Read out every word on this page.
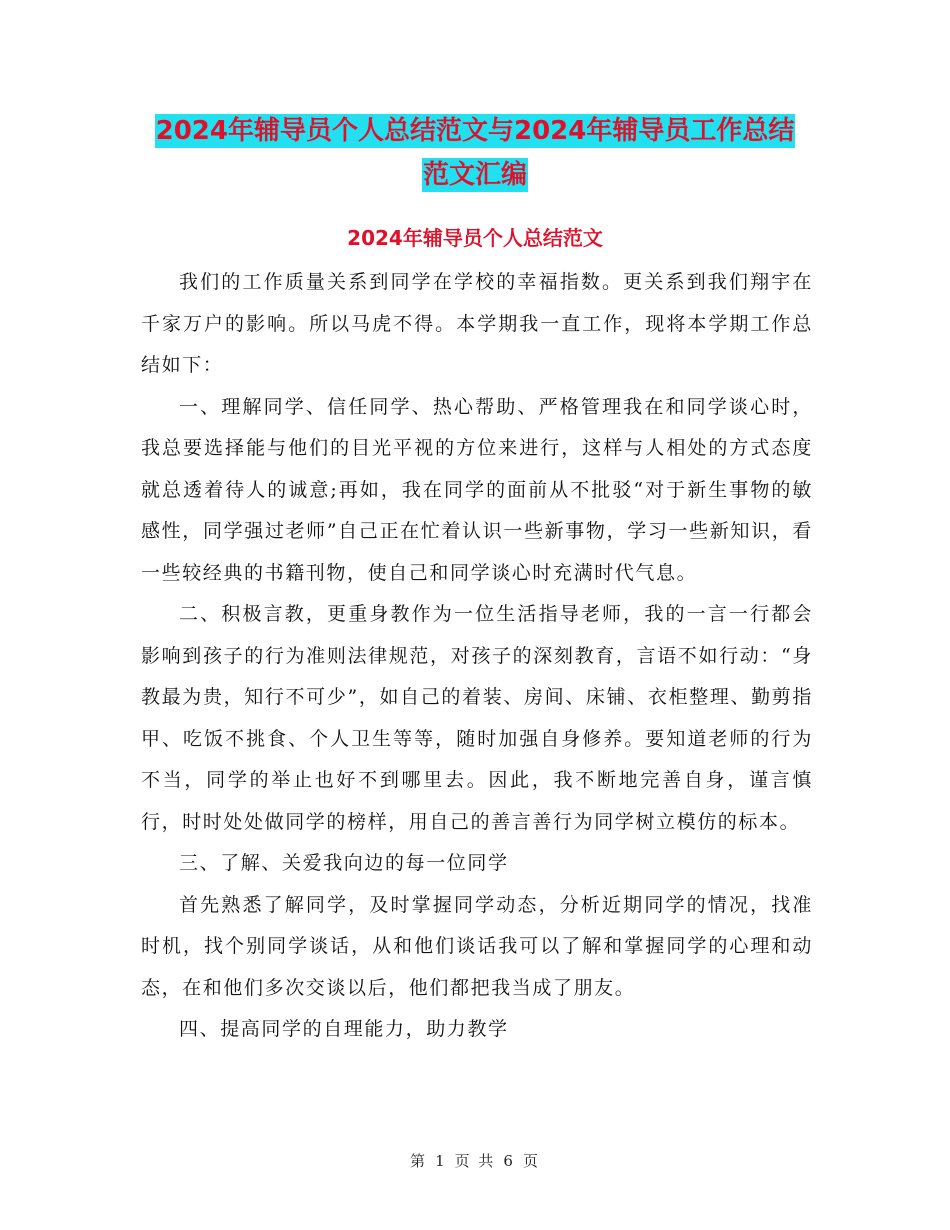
2024年辅导员个人总结范文与2024年辅导员工作总结
范文汇编
2024年辅导员个人总结范文

我们的工作质量关系到同学在学校的幸福指数。更关系到我们翔宇在千家万户的影响。所以马虎不得。本学期我一直工作，现将本学期工作总结如下：

一、理解同学、信任同学、热心帮助、严格管理我在和同学谈心时，我总要选择能与他们的目光平视的方位来进行，这样与人相处的方式态度就总透着待人的诚意;再如，我在同学的面前从不批驳“对于新生事物的敏感性，同学强过老师”自己正在忙着认识一些新事物，学习一些新知识，看一些较经典的书籍刊物，使自己和同学谈心时充满时代气息。

二、积极言教，更重身教作为一位生活指导老师，我的一言一行都会影响到孩子的行为准则法律规范，对孩子的深刻教育，言语不如行动：“身教最为贵，知行不可少”，如自己的着装、房间、床铺、衣柜整理、勤剪指甲、吃饭不挑食、个人卫生等等，随时加强自身修养。要知道老师的行为不当，同学的举止也好不到哪里去。因此，我不断地完善自身，谨言慎行，时时处处做同学的榜样，用自己的善言善行为同学树立模仿的标本。

三、了解、关爱我向边的每一位同学

首先熟悉了解同学，及时掌握同学动态，分析近期同学的情况，找准时机，找个别同学谈话，从和他们谈话我可以了解和掌握同学的心理和动态，在和他们多次交谈以后，他们都把我当成了朋友。

四、提高同学的自理能力，助力教学

第 1 页 共 6 页
